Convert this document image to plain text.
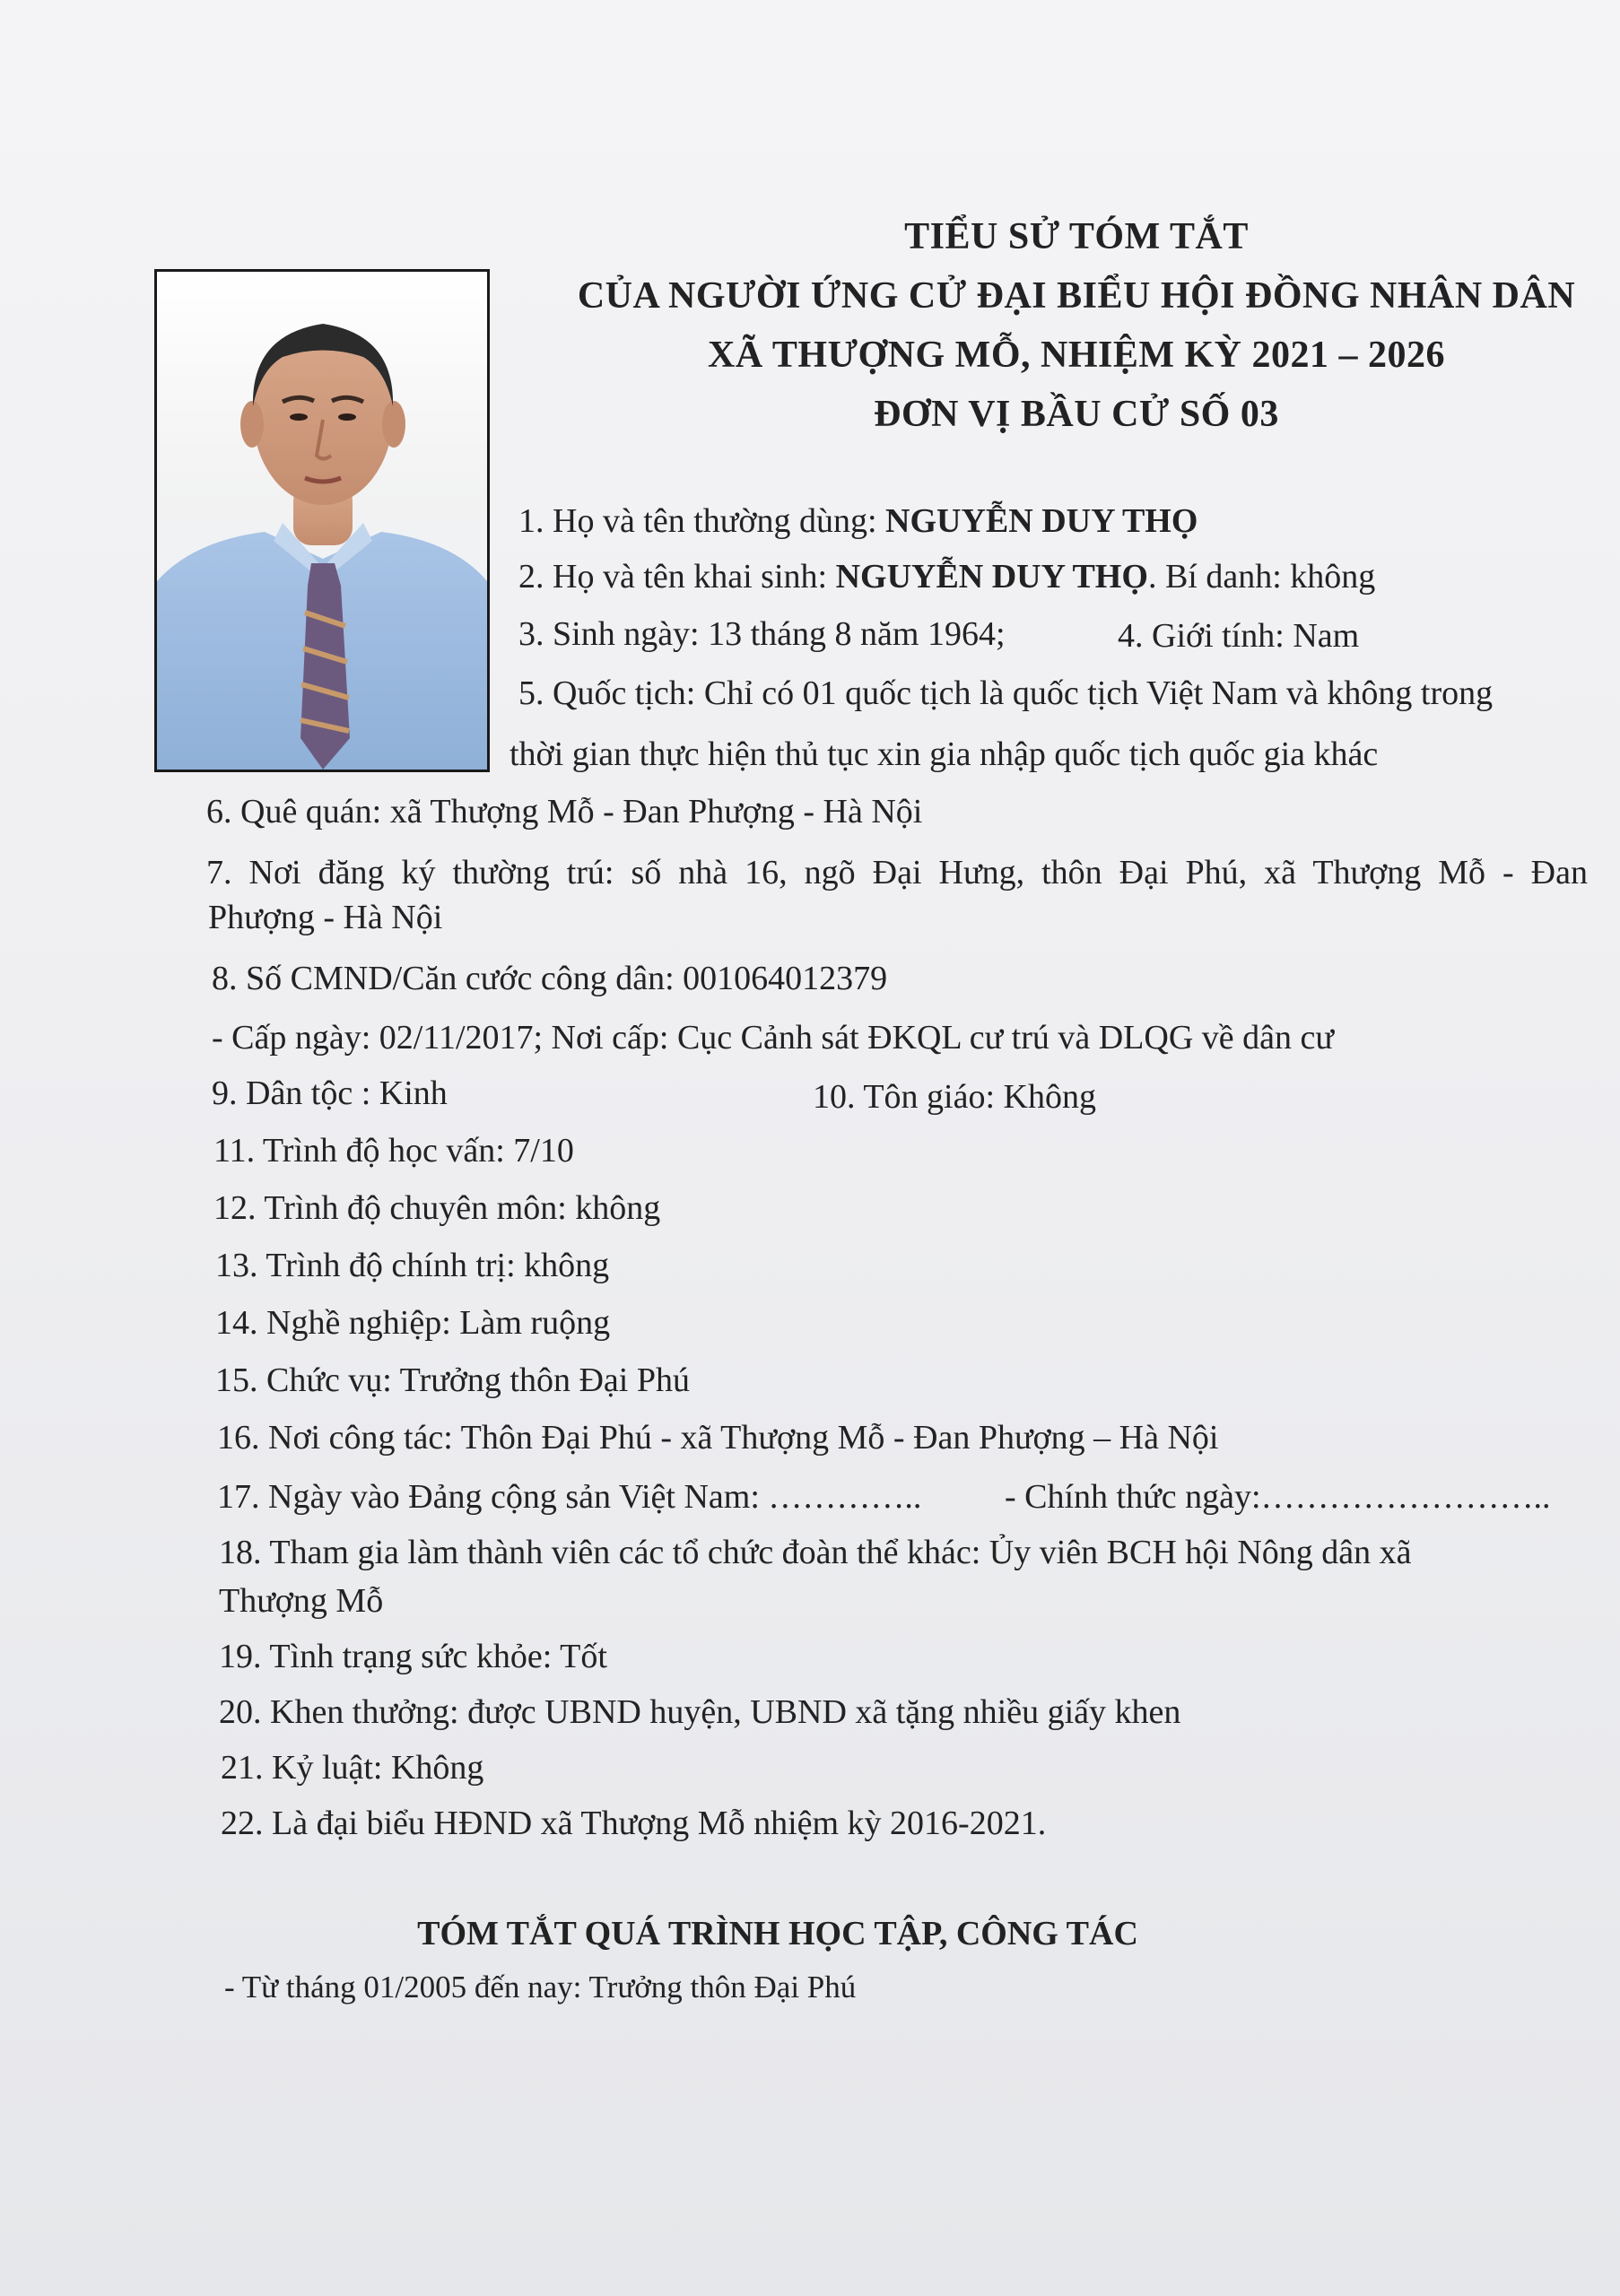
TIỂU SỬ TÓM TẮT
CỦA NGƯỜI ỨNG CỬ ĐẠI BIỂU HỘI ĐỒNG NHÂN DÂN
XÃ THƯỢNG MỖ, NHIỆM KỲ 2021 – 2026
ĐƠN VỊ BẦU CỬ SỐ 03
1. Họ và tên thường dùng: NGUYỄN DUY THỌ
2. Họ và tên khai sinh: NGUYỄN DUY THỌ. Bí danh: không
3. Sinh ngày: 13 tháng 8 năm 1964;	4. Giới tính: Nam
5. Quốc tịch: Chỉ có 01 quốc tịch là quốc tịch Việt Nam và không trong
thời gian thực hiện thủ tục xin gia nhập quốc tịch quốc gia khác
6. Quê quán: xã Thượng Mỗ - Đan Phượng - Hà Nội
7. Nơi đăng ký thường trú: số nhà 16, ngõ Đại Hưng, thôn Đại Phú, xã Thượng Mỗ - Đan
Phượng - Hà Nội
8. Số CMND/Căn cước công dân: 001064012379
- Cấp ngày: 02/11/2017; Nơi cấp: Cục Cảnh sát ĐKQL cư trú và DLQG về dân cư
9. Dân tộc : Kinh	10. Tôn giáo: Không
11. Trình độ học vấn: 7/10
12. Trình độ chuyên môn: không
13. Trình độ chính trị: không
14. Nghề nghiệp: Làm ruộng
15. Chức vụ: Trưởng thôn Đại Phú
16. Nơi công tác: Thôn Đại Phú - xã Thượng Mỗ - Đan Phượng – Hà Nội
17. Ngày vào Đảng cộng sản Việt Nam: ………….. - Chính thức ngày:……………………..
18. Tham gia làm thành viên các tổ chức đoàn thể khác: Ủy viên BCH hội Nông dân xã
Thượng Mỗ
19. Tình trạng sức khỏe: Tốt
20. Khen thưởng: được UBND huyện, UBND xã tặng nhiều giấy khen
21. Kỷ luật: Không
22. Là đại biểu HĐND xã Thượng Mỗ nhiệm kỳ 2016-2021.
TÓM TẮT QUÁ TRÌNH HỌC TẬP, CÔNG TÁC
- Từ tháng 01/2005 đến nay: Trưởng thôn Đại Phú
